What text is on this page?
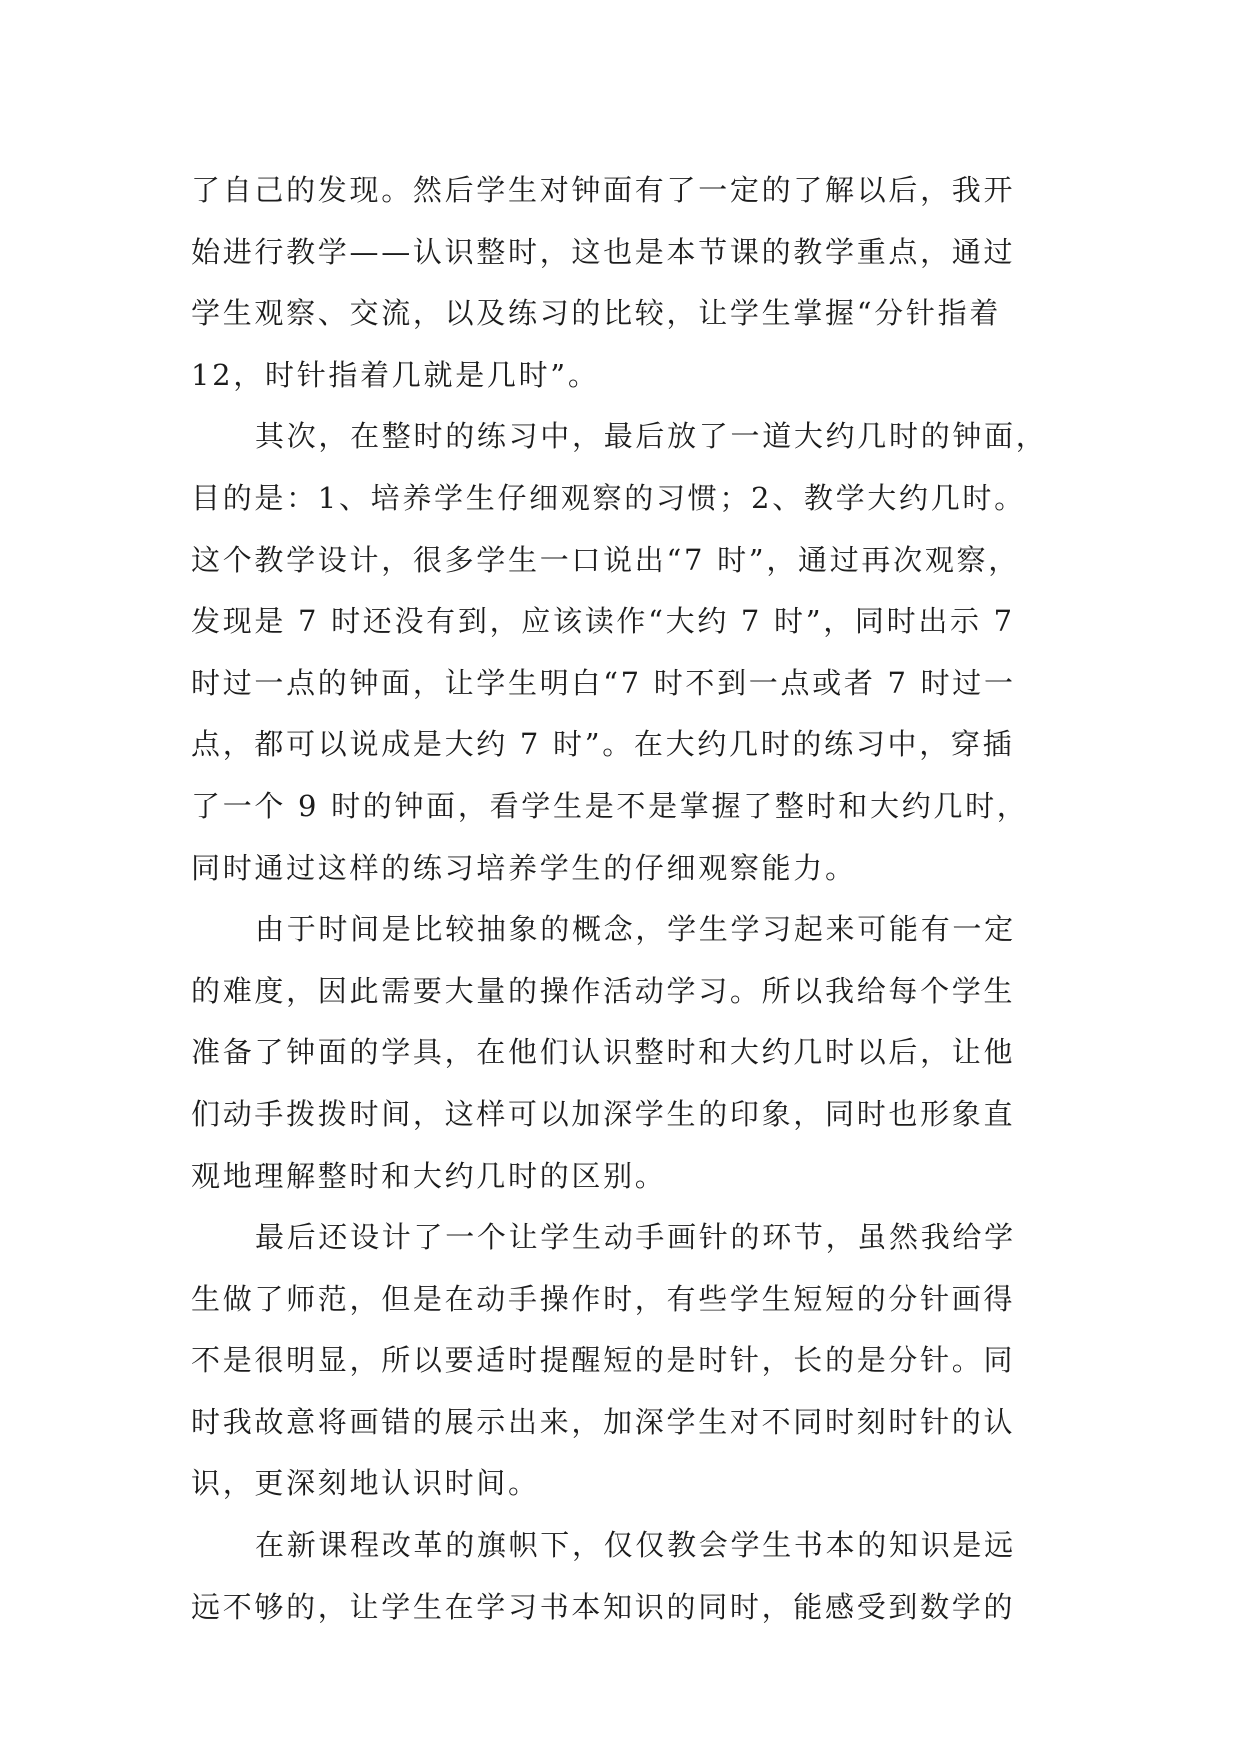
了自己的发现。然后学生对钟面有了一定的了解以后，我开
始进行教学——认识整时，这也是本节课的教学重点，通过
学生观察、交流，以及练习的比较，让学生掌握“分针指着
12，时针指着几就是几时”。
其次，在整时的练习中，最后放了一道大约几时的钟面，
目的是：1、培养学生仔细观察的习惯；2、教学大约几时。
这个教学设计，很多学生一口说出“7 时”，通过再次观察，
发现是 7 时还没有到，应该读作“大约 7 时”，同时出示 7
时过一点的钟面，让学生明白“7 时不到一点或者 7 时过一
点，都可以说成是大约 7 时”。在大约几时的练习中，穿插
了一个 9 时的钟面，看学生是不是掌握了整时和大约几时，
同时通过这样的练习培养学生的仔细观察能力。
由于时间是比较抽象的概念，学生学习起来可能有一定
的难度，因此需要大量的操作活动学习。所以我给每个学生
准备了钟面的学具，在他们认识整时和大约几时以后，让他
们动手拨拨时间，这样可以加深学生的印象，同时也形象直
观地理解整时和大约几时的区别。
最后还设计了一个让学生动手画针的环节，虽然我给学
生做了师范，但是在动手操作时，有些学生短短的分针画得
不是很明显，所以要适时提醒短的是时针，长的是分针。同
时我故意将画错的展示出来，加深学生对不同时刻时针的认
识，更深刻地认识时间。
在新课程改革的旗帜下，仅仅教会学生书本的知识是远
远不够的，让学生在学习书本知识的同时，能感受到数学的
